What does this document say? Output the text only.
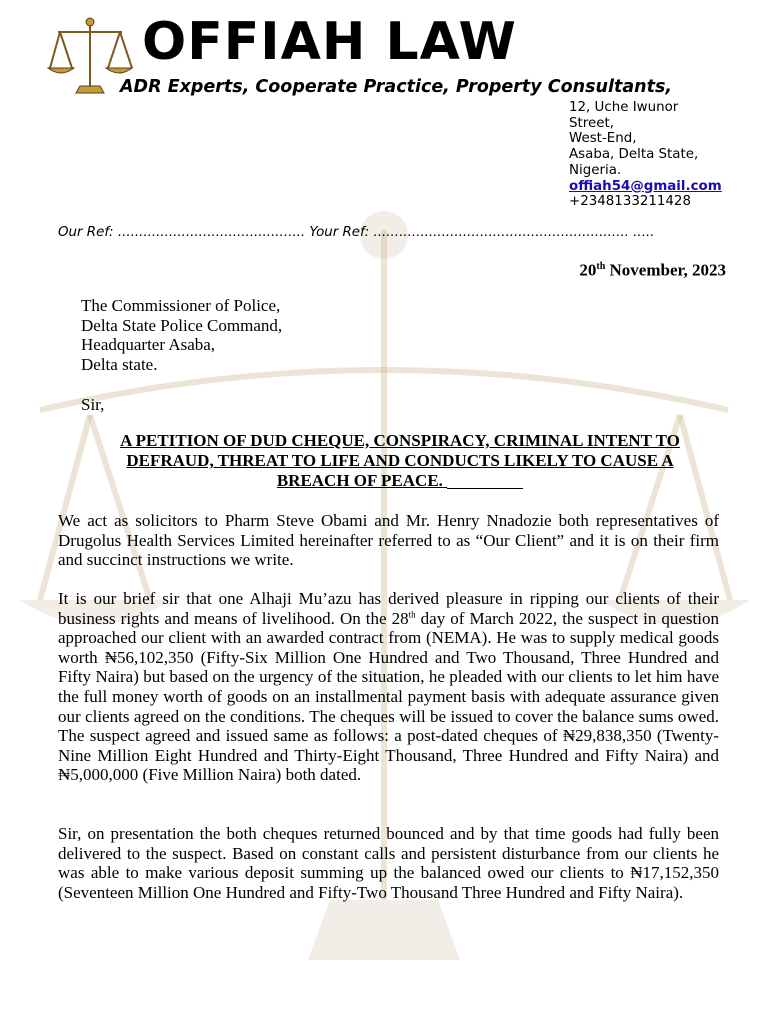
OFFIAH LAW
ADR Experts, Cooperate Practice, Property Consultants,
12, Uche Iwunor
Street,
West-End,
Asaba, Delta State,
Nigeria.
offiah54@gmail.com
+2348133211428
Our Ref: ............................................ Your Ref: ............................................................ .....
20th November, 2023
The Commissioner of Police,
Delta State Police Command,
Headquarter Asaba,
Delta state.
Sir,
A PETITION OF DUD CHEQUE, CONSPIRACY, CRIMINAL INTENT TO DEFRAUD, THREAT TO LIFE AND CONDUCTS LIKELY TO CAUSE A BREACH OF PEACE.
We act as solicitors to Pharm Steve Obami and Mr. Henry Nnadozie both representatives of Drugolus Health Services Limited hereinafter referred to as “Our Client” and it is on their firm and succinct instructions we write.
It is our brief sir that one Alhaji Mu’azu has derived pleasure in ripping our clients of their business rights and means of livelihood. On the 28th day of March 2022, the suspect in question approached our client with an awarded contract from (NEMA). He was to supply medical goods worth ₦56,102,350 (Fifty-Six Million One Hundred and Two Thousand, Three Hundred and Fifty Naira) but based on the urgency of the situation, he pleaded with our clients to let him have the full money worth of goods on an installmental payment basis with adequate assurance given our clients agreed on the conditions. The cheques will be issued to cover the balance sums owed. The suspect agreed and issued same as follows: a post-dated cheques of ₦29,838,350 (Twenty-Nine Million Eight Hundred and Thirty-Eight Thousand, Three Hundred and Fifty Naira) and ₦5,000,000 (Five Million Naira) both dated.
Sir, on presentation the both cheques returned bounced and by that time goods had fully been delivered to the suspect. Based on constant calls and persistent disturbance from our clients he was able to make various deposit summing up the balanced owed our clients to ₦17,152,350 (Seventeen Million One Hundred and Fifty-Two Thousand Three Hundred and Fifty Naira).
